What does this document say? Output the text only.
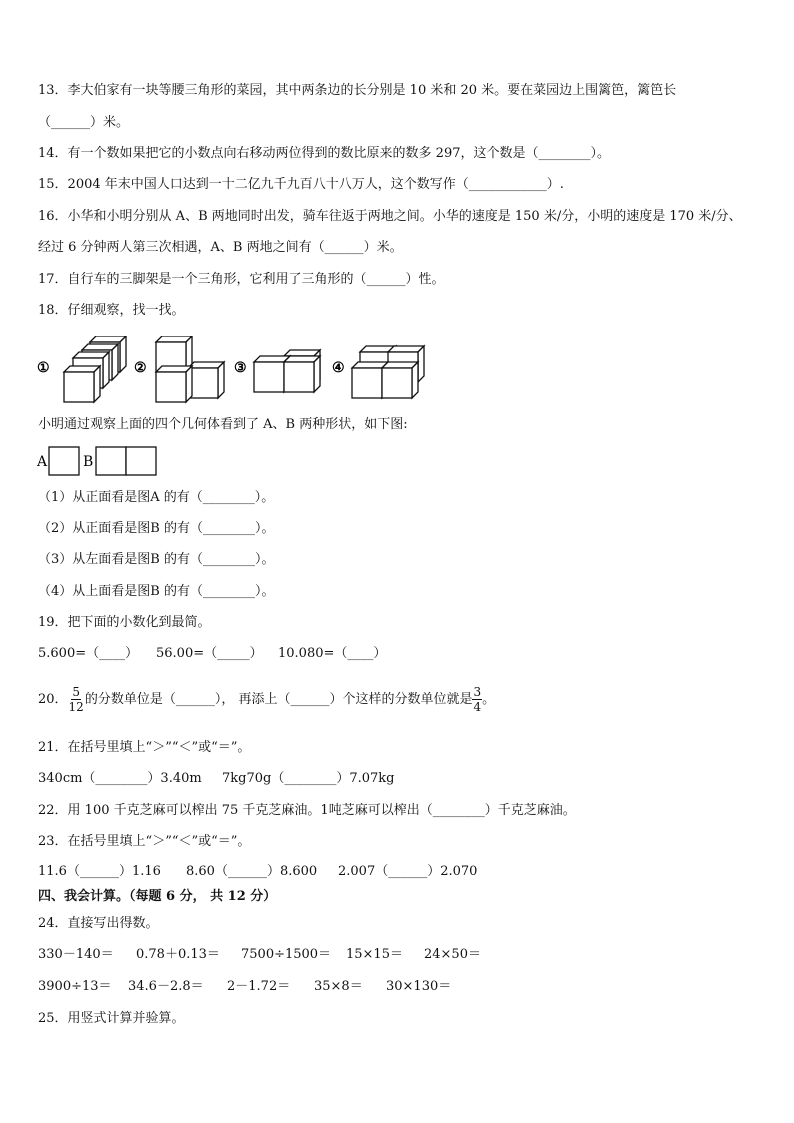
13．李大伯家有一块等腰三角形的菜园，其中两条边的长分别是 10 米和 20 米。要在菜园边上围篱笆，篱笆长
（______）米。
14．有一个数如果把它的小数点向右移动两位得到的数比原来的数多 297，这个数是（________）。
15．2004 年末中国人口达到一十二亿九千九百八十八万人，这个数写作（____________）.
16．小华和小明分别从 A、B 两地同时出发，骑车往返于两地之间。小华的速度是 150 米/分，小明的速度是 170 米/分、
经过 6 分钟两人第三次相遇，A、B 两地之间有（______）米。
17．自行车的三脚架是一个三角形，它利用了三角形的（______）性。
18．仔细观察，找一找。
①	②	③	④
小明通过观察上面的四个几何体看到了 A、B 两种形状，如下图:
A	B
（1）从正面看是图A 的有（________）。
（2）从正面看是图B 的有（________）。
（3）从左面看是图B 的有（________）。
（4）从上面看是图B 的有（________）。
19．把下面的小数化到最简。
5.600=（____） 56.00=（_____） 10.080=（____）
20． $\frac{5}{12}$ 的分数单位是（______）， 再添上（______）个这样的分数单位就是 $\frac{3}{4}$ 。
21．在括号里填上“＞”“＜”或“＝”。
340cm（________）3.40m 7kg70g（________）7.07kg
22．用 100 千克芝麻可以榨出 75 千克芝麻油。1吨芝麻可以榨出（________）千克芝麻油。
23．在括号里填上“＞”“＜”或“＝”。
11.6（______）1.16 8.60（______）8.600 2.007（______）2.070
四、我会计算。（每题 6 分， 共 12 分）
24．直接写出得数。
330－140＝ 0.78＋0.13＝ 7500÷1500＝ 15×15＝ 24×50＝
3900÷13＝ 34.6－2.8＝ 2－1.72＝ 35×8＝ 30×130＝
25．用竖式计算并验算。
